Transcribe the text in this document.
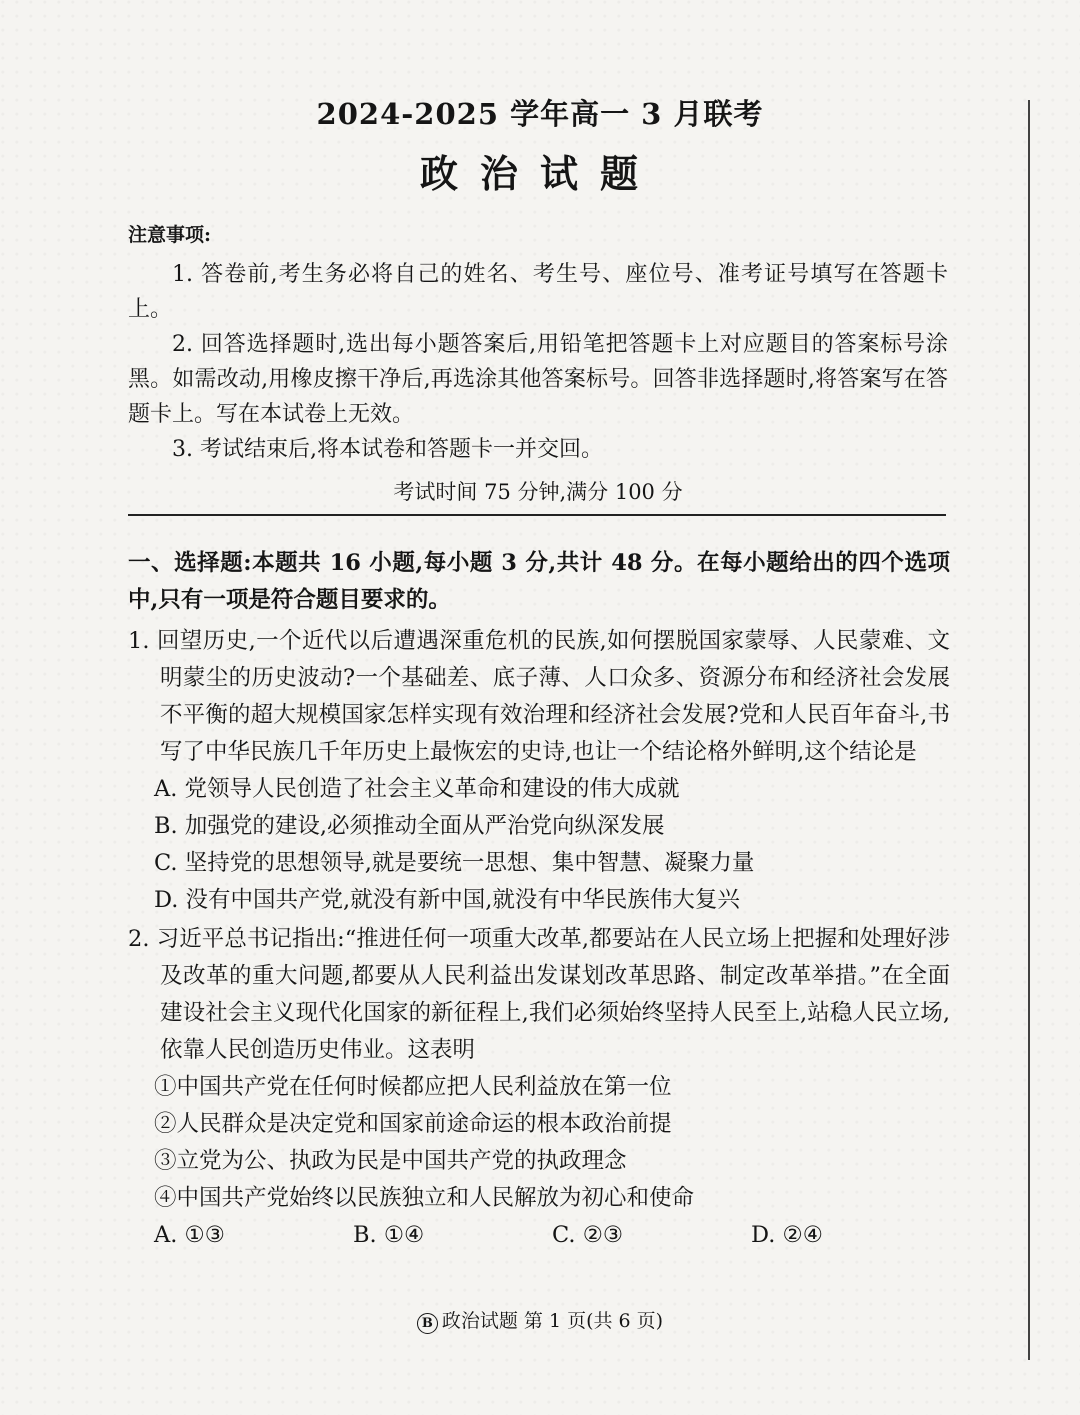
2024-2025 学年高一 3 月联考
政治试题
注意事项:
1. 答卷前,考生务必将自己的姓名、考生号、座位号、准考证号填写在答题卡上。
2. 回答选择题时,选出每小题答案后,用铅笔把答题卡上对应题目的答案标号涂黑。如需改动,用橡皮擦干净后,再选涂其他答案标号。回答非选择题时,将答案写在答题卡上。写在本试卷上无效。
3. 考试结束后,将本试卷和答题卡一并交回。
考试时间 75 分钟,满分 100 分
一、选择题:本题共 16 小题,每小题 3 分,共计 48 分。在每小题给出的四个选项中,只有一项是符合题目要求的。
1. 回望历史,一个近代以后遭遇深重危机的民族,如何摆脱国家蒙辱、人民蒙难、文明蒙尘的历史波动?一个基础差、底子薄、人口众多、资源分布和经济社会发展不平衡的超大规模国家怎样实现有效治理和经济社会发展?党和人民百年奋斗,书写了中华民族几千年历史上最恢宏的史诗,也让一个结论格外鲜明,这个结论是
A. 党领导人民创造了社会主义革命和建设的伟大成就
B. 加强党的建设,必须推动全面从严治党向纵深发展
C. 坚持党的思想领导,就是要统一思想、集中智慧、凝聚力量
D. 没有中国共产党,就没有新中国,就没有中华民族伟大复兴
2. 习近平总书记指出:“推进任何一项重大改革,都要站在人民立场上把握和处理好涉及改革的重大问题,都要从人民利益出发谋划改革思路、制定改革举措。”在全面建设社会主义现代化国家的新征程上,我们必须始终坚持人民至上,站稳人民立场,依靠人民创造历史伟业。这表明
①中国共产党在任何时候都应把人民利益放在第一位
②人民群众是决定党和国家前途命运的根本政治前提
③立党为公、执政为民是中国共产党的执政理念
④中国共产党始终以民族独立和人民解放为初心和使命
A. ①③	B. ①④	C. ②③	D. ②④
B 政治试题 第 1 页(共 6 页)
